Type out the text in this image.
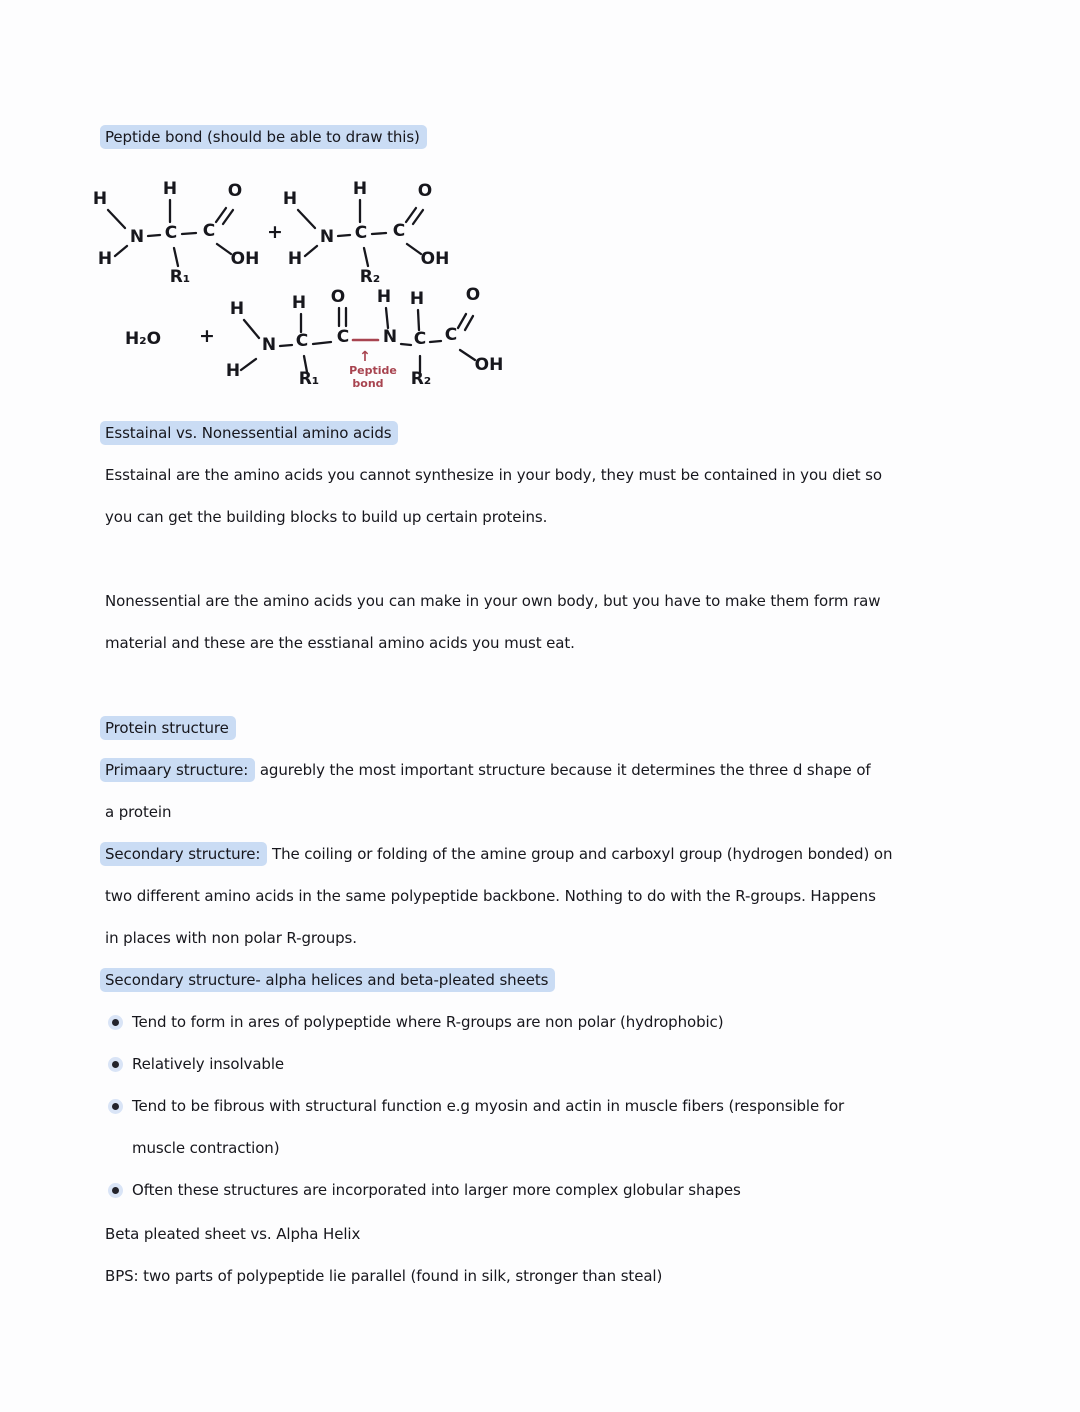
Peptide bond (should be able to draw this)
H
H
N C
H
R₁
C
O
OH
+
H
H
N C
H
R₂
C
O
OH
H₂O +
H
N
H
C
H
R₁
C
O
N
H
C
H
R₂
C
O
OH
↑
Peptide
bond
Esstainal vs. Nonessential amino acids
Esstainal are the amino acids you cannot synthesize in your body, they must be contained in you diet so
you can get the building blocks to build up certain proteins.
Nonessential are the amino acids you can make in your own body, but you have to make them form raw
material and these are the esstianal amino acids you must eat.
Protein structure
Primaary structure: agurebly the most important structure because it determines the three d shape of
a protein
Secondary structure: The coiling or folding of the amine group and carboxyl group (hydrogen bonded) on
two different amino acids in the same polypeptide backbone. Nothing to do with the R-groups. Happens
in places with non polar R-groups.
Secondary structure- alpha helices and beta-pleated sheets
Tend to form in ares of polypeptide where R-groups are non polar (hydrophobic)
Relatively insolvable
Tend to be fibrous with structural function e.g myosin and actin in muscle fibers (responsible for
muscle contraction)
Often these structures are incorporated into larger more complex globular shapes
Beta pleated sheet vs. Alpha Helix
BPS: two parts of polypeptide lie parallel (found in silk, stronger than steal)
